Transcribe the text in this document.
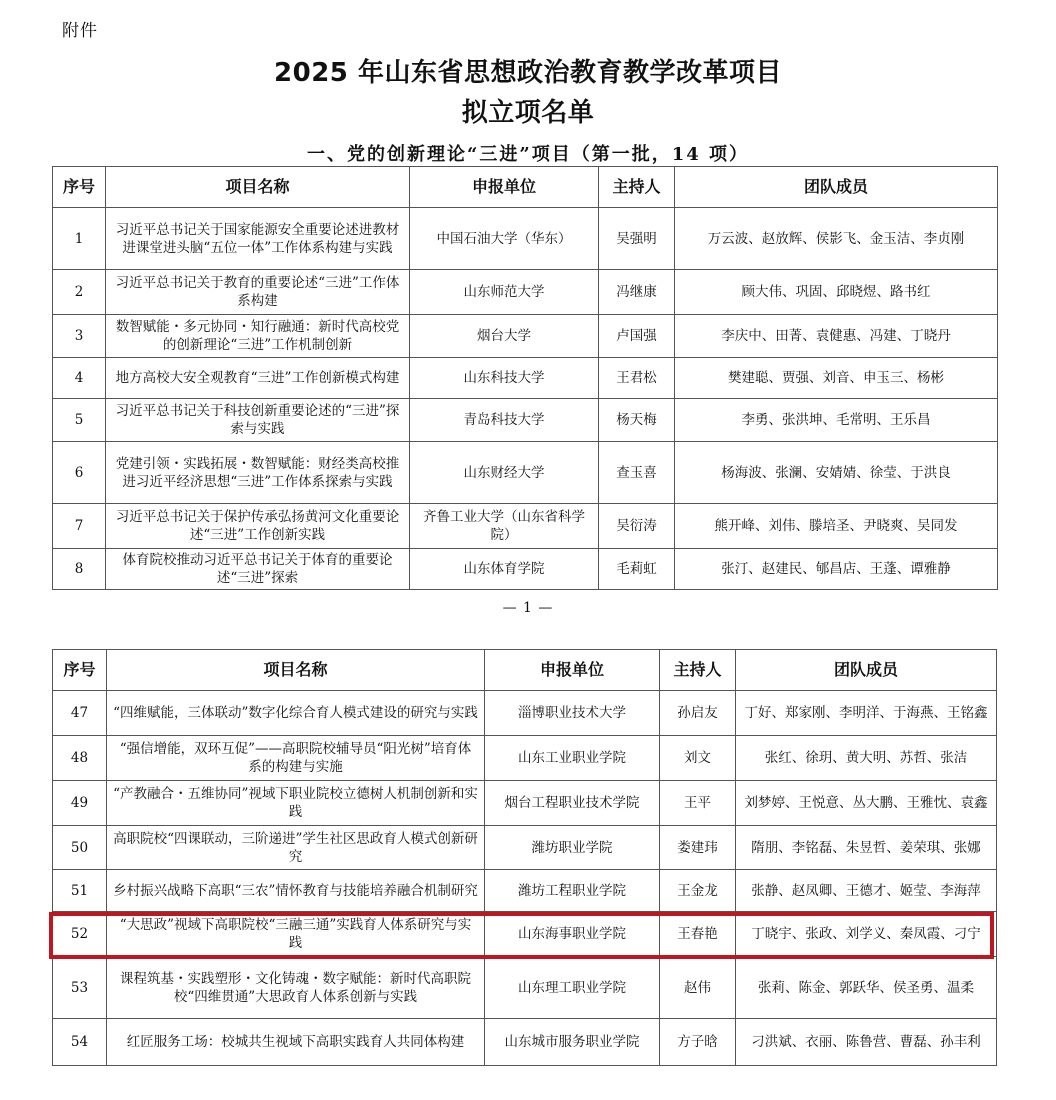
附件
2025 年山东省思想政治教育教学改革项目
拟立项名单
一、党的创新理论“三进”项目（第一批，14 项）
序号	项目名称	申报单位	主持人	团队成员
1	习近平总书记关于国家能源安全重要论述进教材进课堂进头脑“五位一体”工作体系构建与实践	中国石油大学（华东）	吴强明	万云波、赵放辉、侯影飞、金玉洁、李贞刚
2	习近平总书记关于教育的重要论述“三进”工作体系构建	山东师范大学	冯继康	顾大伟、巩固、邱晓煜、路书红
3	数智赋能・多元协同・知行融通：新时代高校党的创新理论“三进”工作机制创新	烟台大学	卢国强	李庆中、田菁、袁健惠、冯建、丁晓丹
4	地方高校大安全观教育“三进”工作创新模式构建	山东科技大学	王君松	樊建聪、贾强、刘音、申玉三、杨彬
5	习近平总书记关于科技创新重要论述的“三进”探索与实践	青岛科技大学	杨天梅	李勇、张洪坤、毛常明、王乐昌
6	党建引领・实践拓展・数智赋能：财经类高校推进习近平经济思想“三进”工作体系探索与实践	山东财经大学	查玉喜	杨海波、张澜、安婧婧、徐莹、于洪良
7	习近平总书记关于保护传承弘扬黄河文化重要论述“三进”工作创新实践	齐鲁工业大学（山东省科学院）	吴衍涛	熊开峰、刘伟、滕培圣、尹晓爽、吴同发
8	体育院校推动习近平总书记关于体育的重要论述“三进”探索	山东体育学院	毛莉虹	张汀、赵建民、郇昌店、王蓬、谭雅静
— 1 —
序号	项目名称	申报单位	主持人	团队成员
47	“四维赋能，三体联动”数字化综合育人模式建设的研究与实践	淄博职业技术大学	孙启友	丁好、郑家刚、李明洋、于海燕、王铭鑫
48	“强信增能，双环互促”——高职院校辅导员“阳光树”培育体系的构建与实施	山东工业职业学院	刘文	张红、徐玥、黄大明、苏哲、张洁
49	“产教融合・五维协同”视域下职业院校立德树人机制创新和实践	烟台工程职业技术学院	王平	刘梦婷、王悦意、丛大鹏、王雅忱、袁鑫
50	高职院校“四课联动，三阶递进”学生社区思政育人模式创新研究	潍坊职业学院	娄建玮	隋朋、李铭磊、朱昱哲、姜荣琪、张娜
51	乡村振兴战略下高职“三农”情怀教育与技能培养融合机制研究	潍坊工程职业学院	王金龙	张静、赵凤卿、王德才、姬莹、李海萍
52	“大思政”视域下高职院校“三融三通”实践育人体系研究与实践	山东海事职业学院	王春艳	丁晓宇、张政、刘学义、秦凤霞、刁宁
53	课程筑基・实践塑形・文化铸魂・数字赋能：新时代高职院校“四维贯通”大思政育人体系创新与实践	山东理工职业学院	赵伟	张莉、陈金、郭跃华、侯圣勇、温柔
54	红匠服务工场：校城共生视域下高职实践育人共同体构建	山东城市服务职业学院	方子晗	刁洪斌、衣丽、陈鲁营、曹磊、孙丰利
